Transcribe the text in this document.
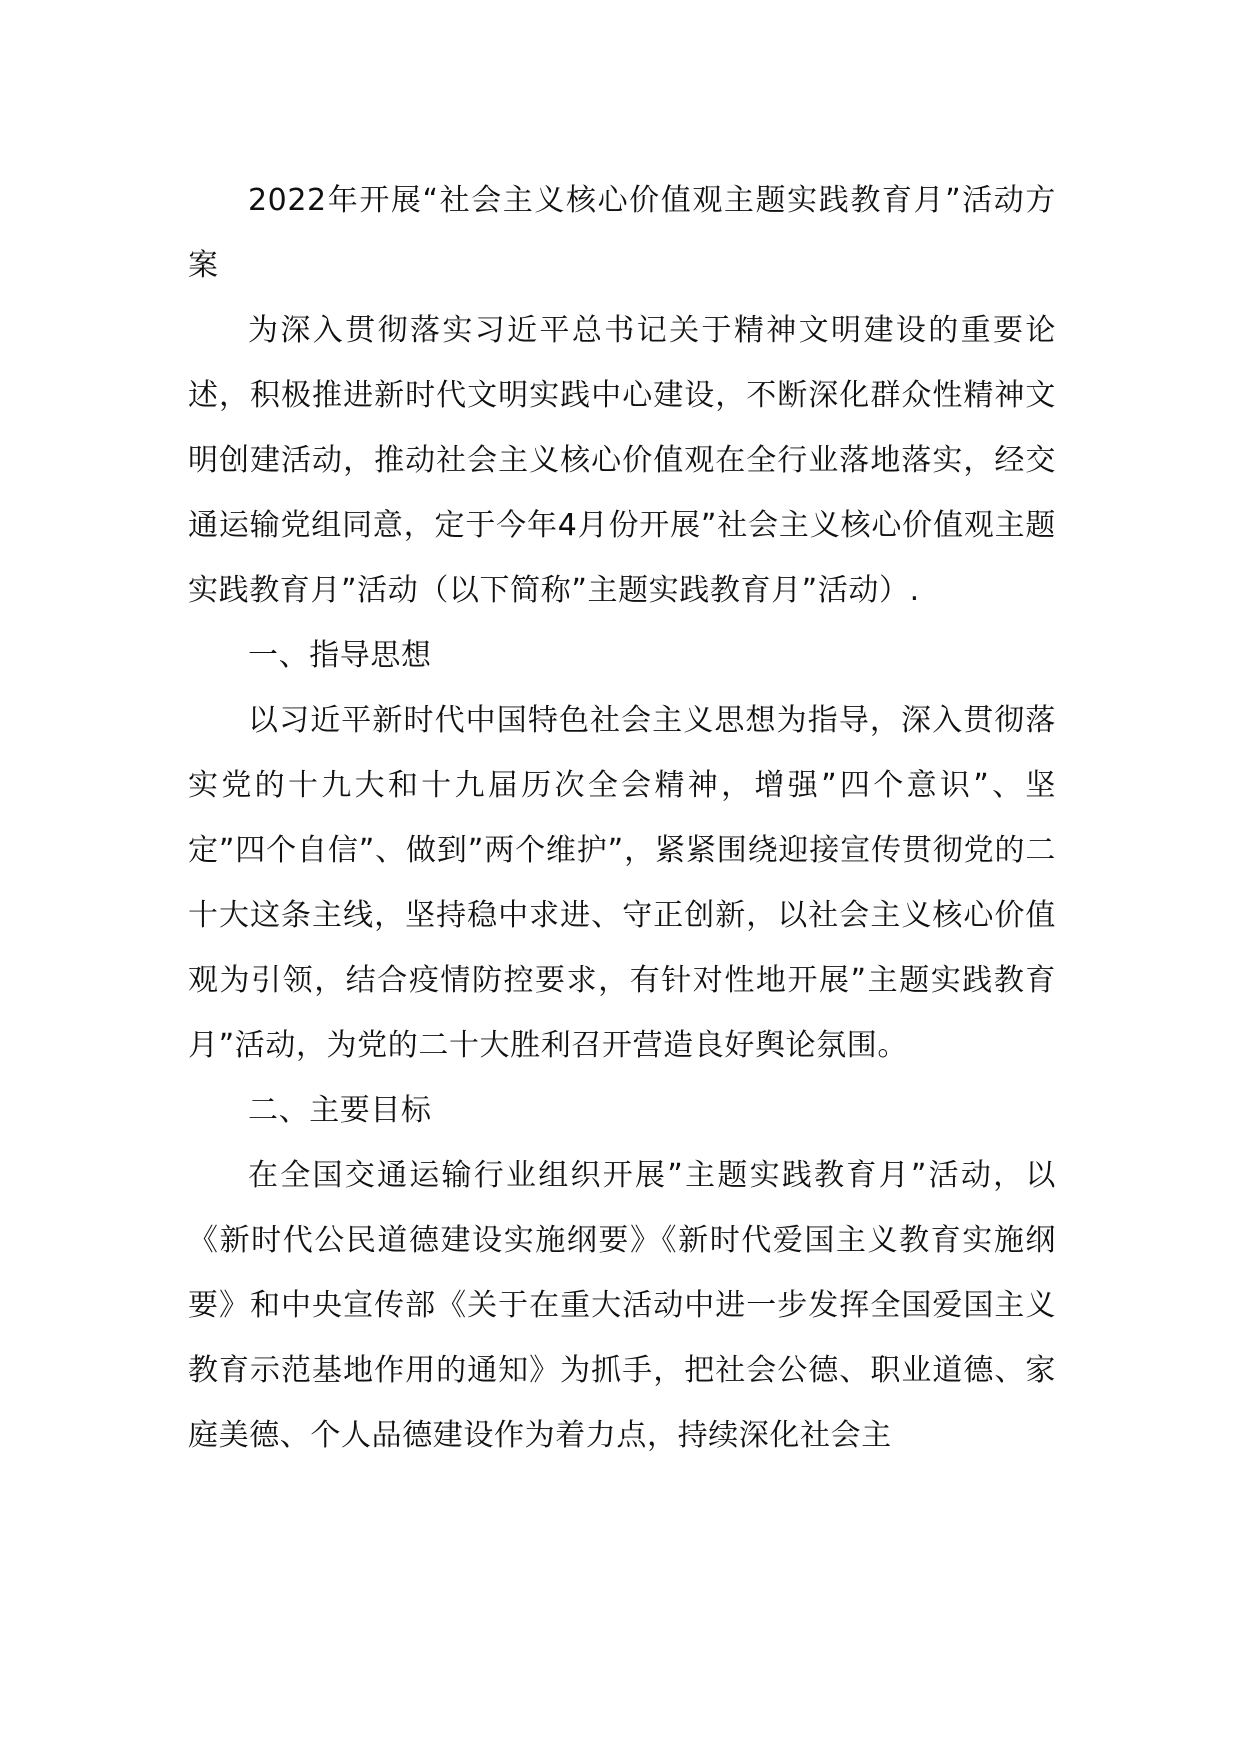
2022年开展“社会主义核心价值观主题实践教育月”活动方案

为深入贯彻落实习近平总书记关于精神文明建设的重要论述，积极推进新时代文明实践中心建设，不断深化群众性精神文明创建活动，推动社会主义核心价值观在全行业落地落实，经交通运输党组同意，定于今年4月份开展”社会主义核心价值观主题实践教育月”活动（以下简称”主题实践教育月”活动）.

一、指导思想

以习近平新时代中国特色社会主义思想为指导，深入贯彻落实党的十九大和十九届历次全会精神，增强”四个意识”、坚定”四个自信”、做到”两个维护”，紧紧围绕迎接宣传贯彻党的二十大这条主线，坚持稳中求进、守正创新，以社会主义核心价值观为引领，结合疫情防控要求，有针对性地开展”主题实践教育月”活动，为党的二十大胜利召开营造良好舆论氛围。

二、主要目标

在全国交通运输行业组织开展”主题实践教育月”活动，以《新时代公民道德建设实施纲要》《新时代爱国主义教育实施纲要》和中央宣传部《关于在重大活动中进一步发挥全国爱国主义教育示范基地作用的通知》为抓手，把社会公德、职业道德、家庭美德、个人品德建设作为着力点，持续深化社会主
